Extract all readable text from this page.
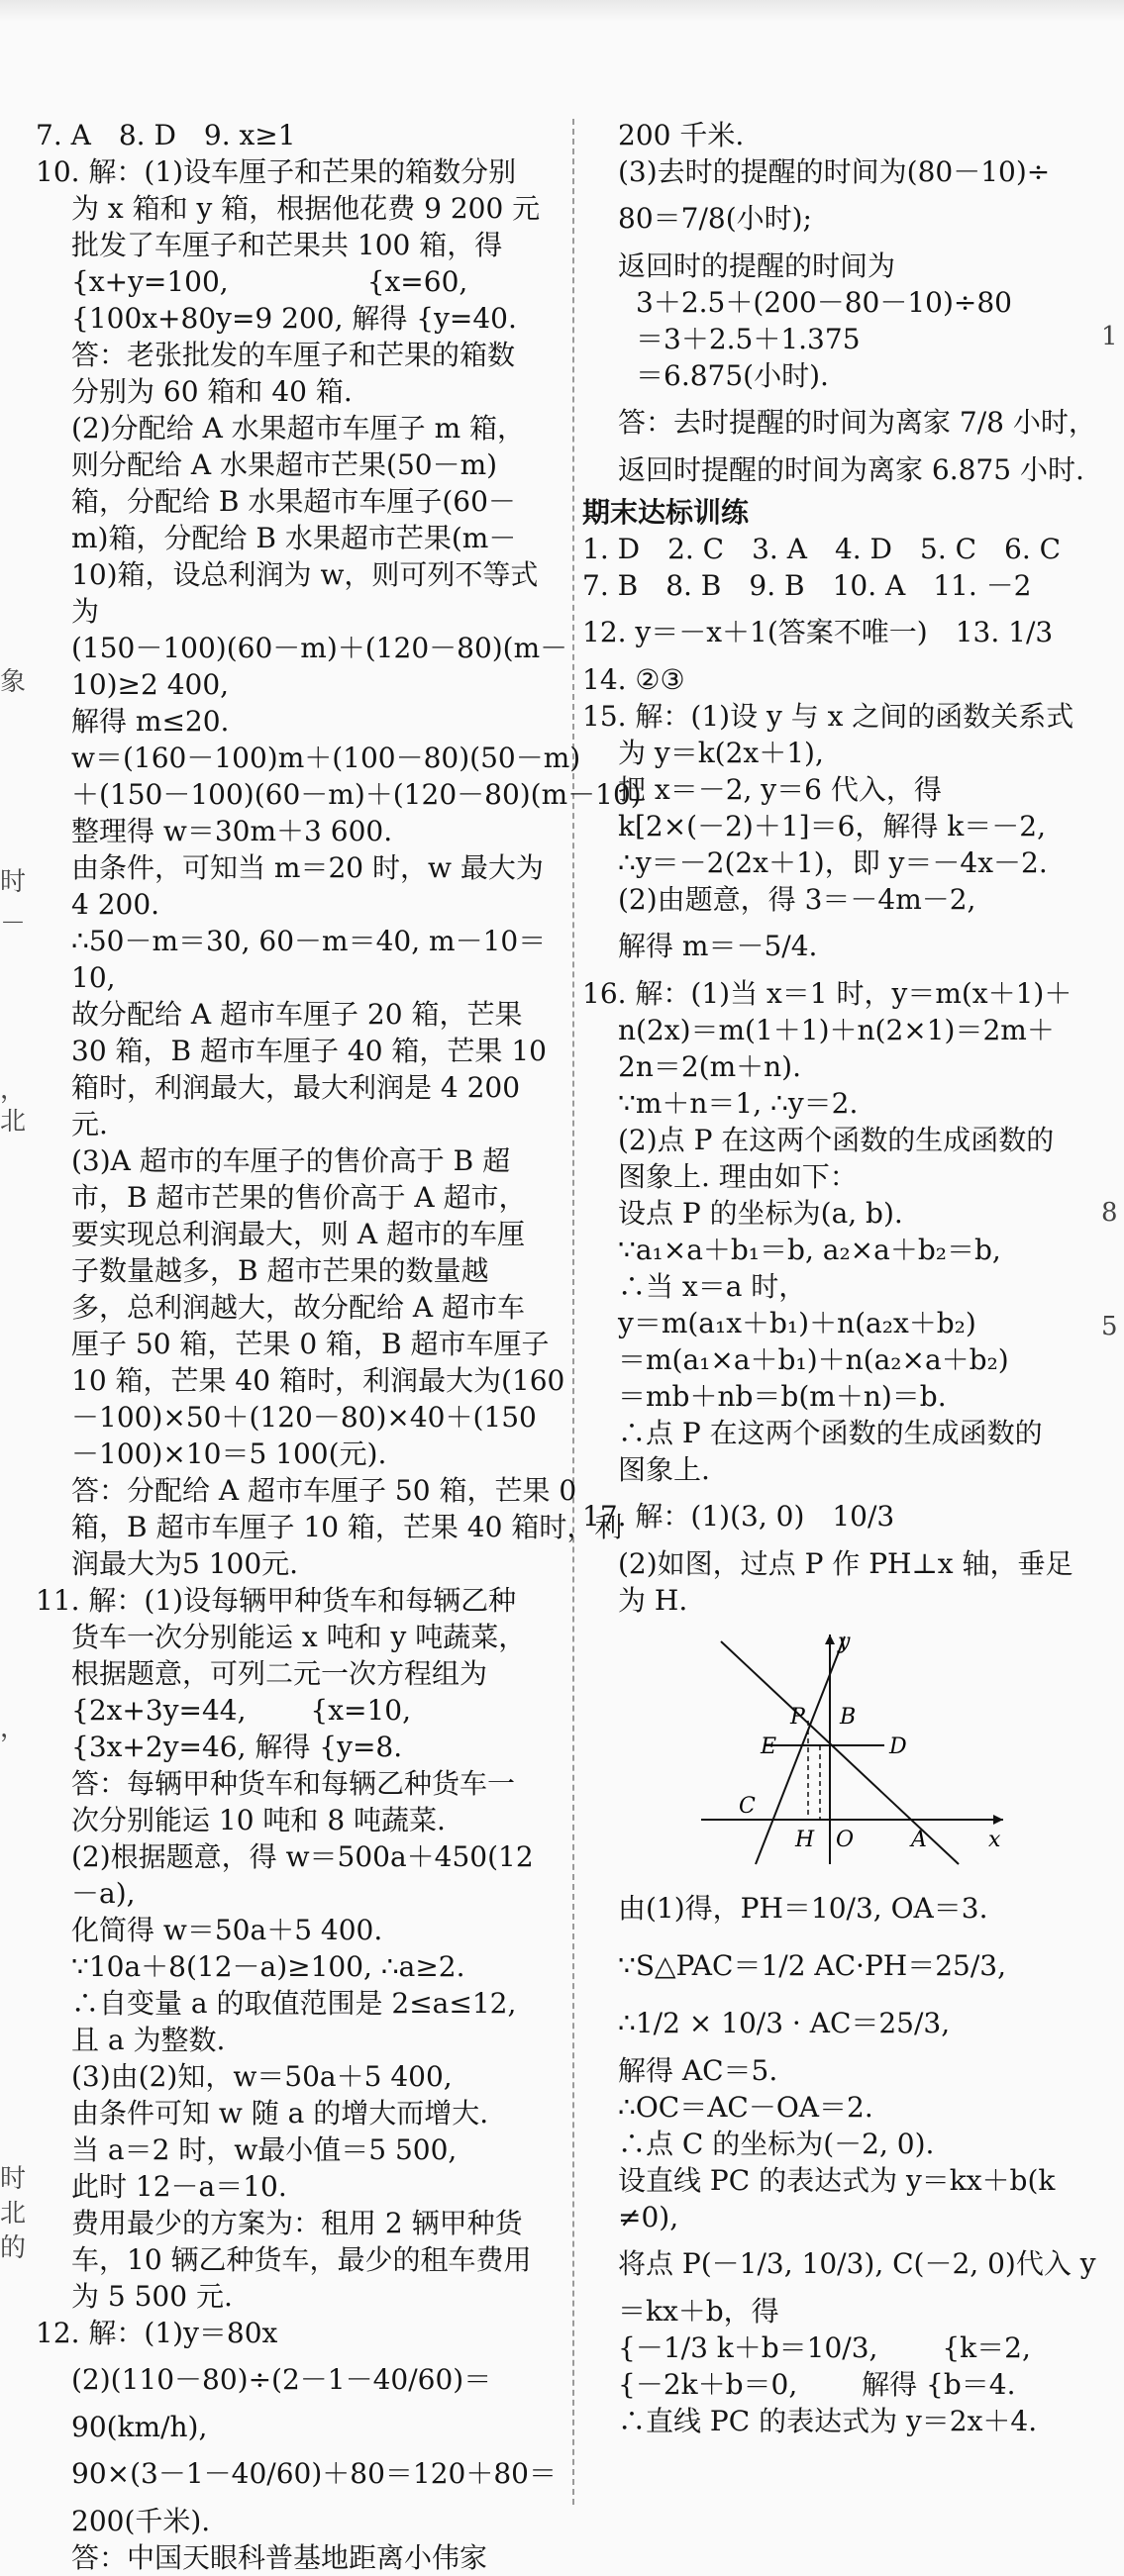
象
时
－
，
北
，
时
北
的
1
8
5
7. A　8. D　9. x≥1
10. 解：(1)设车厘子和芒果的箱数分别
为 x 箱和 y 箱，根据他花费 9 200 元
批发了车厘子和芒果共 100 箱，得
{x+y=100,　　　　　{x=60,
{100x+80y=9 200, 解得 {y=40.
答：老张批发的车厘子和芒果的箱数
分别为 60 箱和 40 箱.
(2)分配给 A 水果超市车厘子 m 箱，
则分配给 A 水果超市芒果(50－m)
箱，分配给 B 水果超市车厘子(60－
m)箱，分配给 B 水果超市芒果(m－
10)箱，设总利润为 w，则可列不等式
为
(150－100)(60－m)＋(120－80)(m－
10)≥2 400,
解得 m≤20.
w＝(160－100)m＋(100－80)(50－m)
＋(150－100)(60－m)＋(120－80)(m－10)
整理得 w＝30m＋3 600.
由条件，可知当 m＝20 时，w 最大为
4 200.
∴50－m＝30, 60－m＝40, m－10＝
10,
故分配给 A 超市车厘子 20 箱，芒果
30 箱，B 超市车厘子 40 箱，芒果 10
箱时，利润最大，最大利润是 4 200
元.
(3)A 超市的车厘子的售价高于 B 超
市，B 超市芒果的售价高于 A 超市，
要实现总利润最大，则 A 超市的车厘
子数量越多，B 超市芒果的数量越
多，总利润越大，故分配给 A 超市车
厘子 50 箱，芒果 0 箱，B 超市车厘子
10 箱，芒果 40 箱时，利润最大为(160
－100)×50＋(120－80)×40＋(150
－100)×10＝5 100(元).
答：分配给 A 超市车厘子 50 箱，芒果 0
箱，B 超市车厘子 10 箱，芒果 40 箱时，利
润最大为5 100元.
11. 解：(1)设每辆甲种货车和每辆乙种
货车一次分别能运 x 吨和 y 吨蔬菜，
根据题意，可列二元一次方程组为
{2x+3y=44,　　 {x=10,
{3x+2y=46, 解得 {y=8.
答：每辆甲种货车和每辆乙种货车一
次分别能运 10 吨和 8 吨蔬菜.
(2)根据题意，得 w＝500a＋450(12
－a),
化简得 w＝50a＋5 400.
∵10a＋8(12－a)≥100, ∴a≥2.
∴自变量 a 的取值范围是 2≤a≤12,
且 a 为整数.
(3)由(2)知，w＝50a＋5 400,
由条件可知 w 随 a 的增大而增大.
当 a＝2 时，w最小值＝5 500,
此时 12－a＝10.
费用最少的方案为：租用 2 辆甲种货
车，10 辆乙种货车，最少的租车费用
为 5 500 元.
12. 解：(1)y＝80x
(2)(110－80)÷(2－1－40/60)＝
90(km/h),
90×(3－1－40/60)＋80＝120＋80＝
200(千米).
答：中国天眼科普基地距离小伟家
200 千米.
(3)去时的提醒的时间为(80－10)÷
80＝7/8(小时);
返回时的提醒的时间为
3＋2.5＋(200－80－10)÷80
＝3＋2.5＋1.375
＝6.875(小时).
答：去时提醒的时间为离家 7/8 小时，
返回时提醒的时间为离家 6.875 小时.
期末达标训练
1. D　2. C　3. A　4. D　5. C　6. C
7. B　8. B　9. B　10. A　11. －2
12. y＝－x＋1(答案不唯一)　13. 1/3
14. ②③
15. 解：(1)设 y 与 x 之间的函数关系式
为 y＝k(2x＋1),
把 x＝－2, y＝6 代入，得
k[2×(－2)＋1]＝6，解得 k＝－2,
∴y＝－2(2x＋1)，即 y＝－4x－2.
(2)由题意，得 3＝－4m－2,
解得 m＝－5/4.
16. 解：(1)当 x＝1 时，y＝m(x＋1)＋
n(2x)＝m(1＋1)＋n(2×1)＝2m＋
2n＝2(m＋n).
∵m＋n＝1, ∴y＝2.
(2)点 P 在这两个函数的生成函数的
图象上. 理由如下：
设点 P 的坐标为(a, b).
∵a₁×a＋b₁＝b, a₂×a＋b₂＝b,
∴当 x＝a 时，
y＝m(a₁x＋b₁)＋n(a₂x＋b₂)
＝m(a₁×a＋b₁)＋n(a₂×a＋b₂)
＝mb＋nb＝b(m＋n)＝b.
∴点 P 在这两个函数的生成函数的
图象上.
17. 解：(1)(3, 0)　10/3
(2)如图，过点 P 作 PH⊥x 轴，垂足
为 H.
y
x
P B
E	D
C
H O	A
由(1)得，PH＝10/3, OA＝3.
∵S△PAC＝1/2 AC·PH＝25/3,
∴1/2 × 10/3 · AC＝25/3,
解得 AC＝5.
∴OC＝AC－OA＝2.
∴点 C 的坐标为(－2, 0).
设直线 PC 的表达式为 y＝kx＋b(k
≠0),
将点 P(－1/3, 10/3), C(－2, 0)代入 y
＝kx＋b，得
{－1/3 k＋b＝10/3,　　 {k＝2,
{－2k＋b＝0,　　 解得 {b＝4.
∴直线 PC 的表达式为 y＝2x＋4.
